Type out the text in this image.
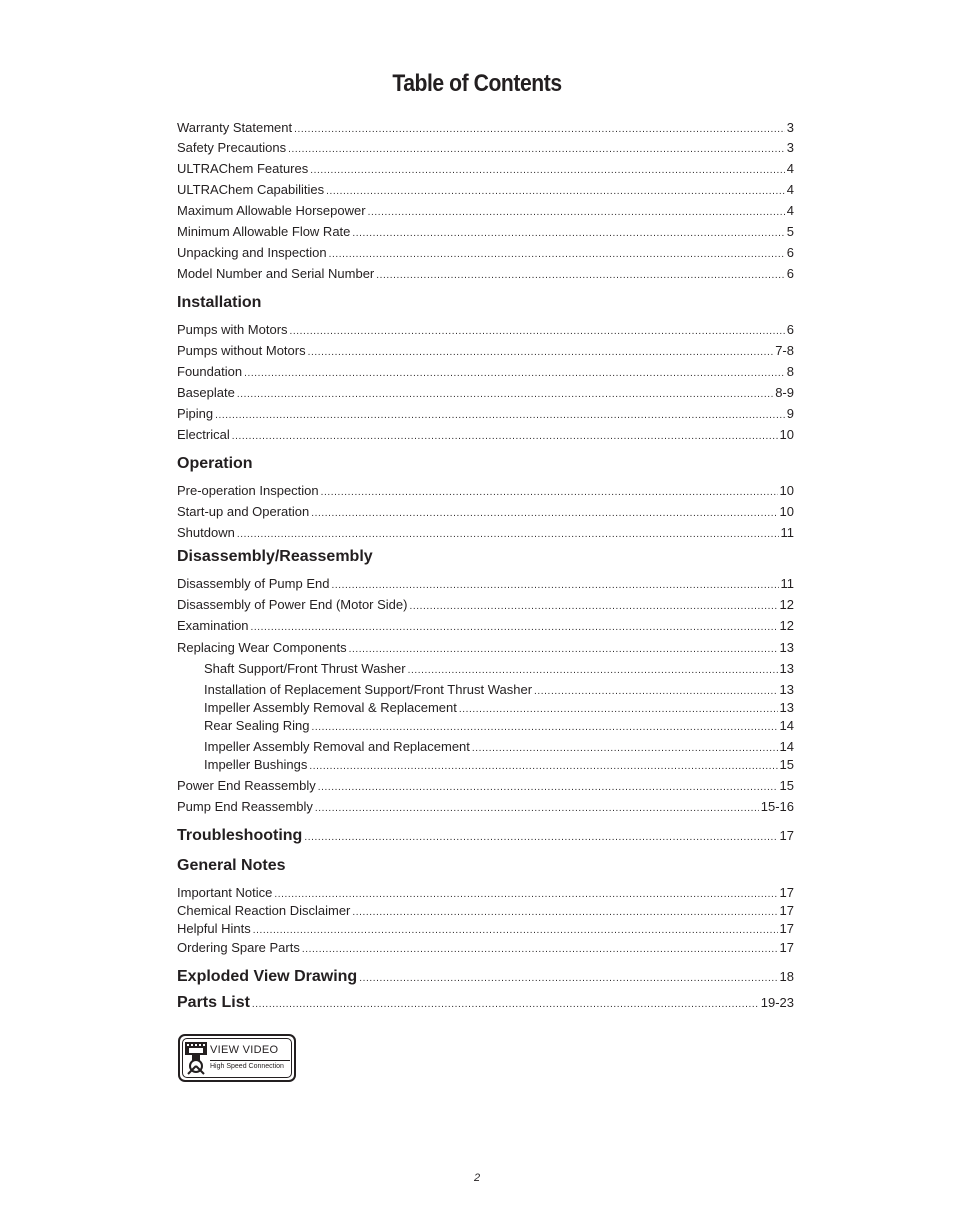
Table of Contents
Warranty Statement .....	3
Safety Precautions .....	3
ULTRAChem Features .....	4
ULTRAChem Capabilities .....	4
Maximum Allowable Horsepower .....	4
Minimum Allowable Flow Rate .....	5
Unpacking and Inspection .....	6
Model Number and Serial Number .....	6
Installation
Pumps with Motors .....	6
Pumps without Motors .....	7-8
Foundation .....	8
Baseplate .....	8-9
Piping .....	9
Electrical .....	10
Operation
Pre-operation Inspection .....	10
Start-up and Operation .....	10
Shutdown .....	11
Disassembly/Reassembly
Disassembly of Pump End .....	11
Disassembly of Power End (Motor Side) .....	12
Examination .....	12
Replacing Wear Components .....	13
Shaft Support/Front Thrust Washer .....	13
Installation of Replacement Support/Front Thrust Washer .....	13
Impeller Assembly Removal & Replacement .....	13
Rear Sealing Ring .....	14
Impeller Assembly Removal and Replacement .....	14
Impeller Bushings .....	15
Power End Reassembly .....	15
Pump End Reassembly .....	15-16
Troubleshooting .....	17
General Notes
Important Notice .....	17
Chemical Reaction Disclaimer .....	17
Helpful Hints .....	17
Ordering Spare Parts .....	17
Exploded View Drawing .....	18
Parts List .....	19-23
VIEW VIDEO
High Speed Connection
2
